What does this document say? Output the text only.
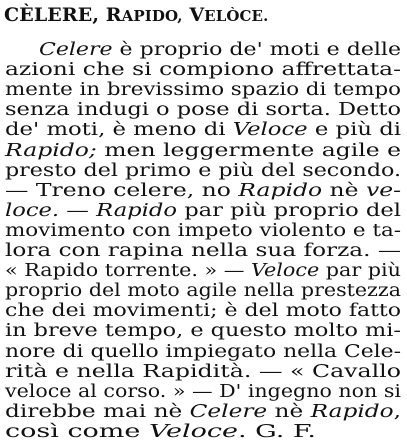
CÈLERE, RAPIDO, VELÒCE.
Celere è proprio de' moti e delle
azioni che si compiono affrettata-
mente in brevissimo spazio di tempo
senza indugi o pose di sorta. Detto
de' moti, è meno di Veloce e più di
Rapido; men leggermente agile e
presto del primo e più del secondo.
— Treno celere, no Rapido nè ve-
loce. — Rapido par più proprio del
movimento con impeto violento e ta-
lora con rapina nella sua forza. —
« Rapido torrente. » — Veloce par più
proprio del moto agile nella prestezza
che dei movimenti; è del moto fatto
in breve tempo, e questo molto mi-
nore di quello impiegato nella Cele-
rità e nella Rapidità. — « Cavallo
veloce al corso. » — D' ingegno non si
direbbe mai nè Celere nè Rapido,
così come Veloce. G. F.
